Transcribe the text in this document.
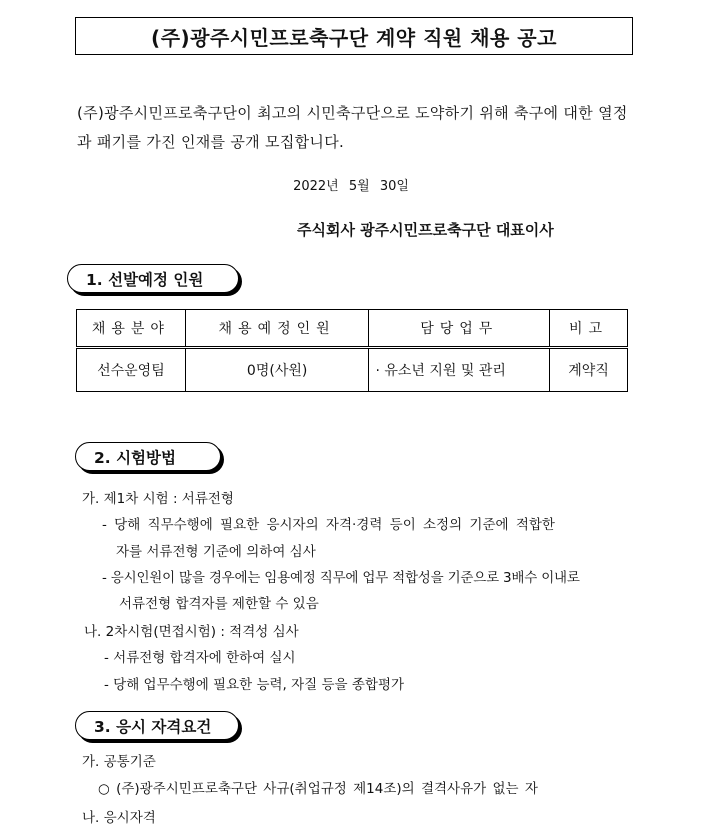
(주)광주시민프로축구단 계약 직원 채용 공고
(주)광주시민프로축구단이 최고의 시민축구단으로 도약하기 위해 축구에 대한 열정과 패기를 가진 인재를 공개 모집합니다.
2022년 5월 30일
주식회사 광주시민프로축구단 대표이사
1. 선발예정 인원
채용분야	채용예정인원	담당업무	비고
선수운영팀	0명(사원)	· 유소년 지원 및 관리	계약직
2. 시험방법
가. 제1차 시험 : 서류전형
- 당해 직무수행에 필요한 응시자의 자격·경력 등이 소정의 기준에 적합한
자를 서류전형 기준에 의하여 심사
- 응시인원이 많을 경우에는 임용예정 직무에 업무 적합성을 기준으로 3배수 이내로
서류전형 합격자를 제한할 수 있음
나. 2차시험(면접시험) : 적격성 심사
- 서류전형 합격자에 한하여 실시
- 당해 업무수행에 필요한 능력, 자질 등을 종합평가
3. 응시 자격요건
가. 공통기준
○ (주)광주시민프로축구단 사규(취업규정 제14조)의 결격사유가 없는 자
나. 응시자격
